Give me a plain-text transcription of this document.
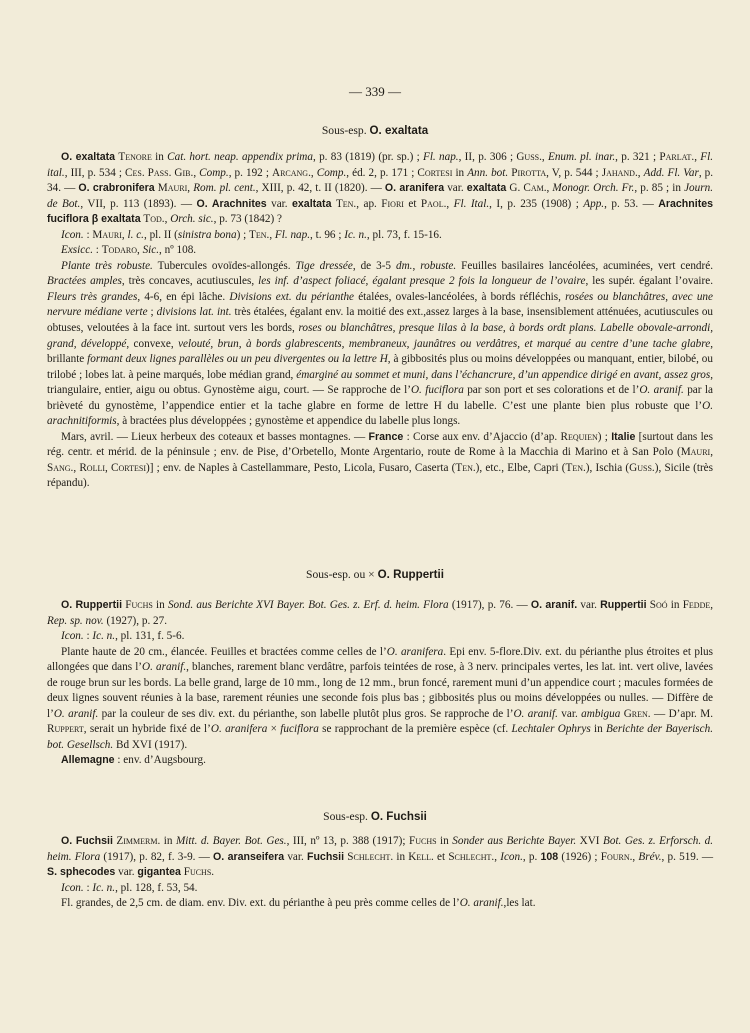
— 339 —
Sous-esp. O. exaltata

O. exaltata Tenore in Cat. hort. neap. appendix prima, p. 83 (1819) (pr. sp.) ; Fl. nap., II, p. 306 ; Guss., Enum. pl. inar., p. 321 ; Parlat., Fl. ital., III, p. 534 ; Ces. Pass. Gib., Comp., p. 192 ; Arcang., Comp., éd. 2, p. 171 ; Cortesi in Ann. bot. Pirotta, V, p. 544 ; Jahand., Add. Fl. Var, p. 34. — O. crabronifera Mauri, Rom. pl. cent., XIII, p. 42, t. II (1820). — O. aranifera var. exaltata G. Cam., Monogr. Orch. Fr., p. 85 ; in Journ. de Bot., VII, p. 113 (1893). — O. Arachnites var. exaltata Ten., ap. Fiori et Paol., Fl. Ital., I, p. 235 (1908) ; App., p. 53. — Arachnites fuciflora β exaltata Tod., Orch. sic., p. 73 (1842) ?

Icon. : Mauri, l. c., pl. II (sinistra bona) ; Ten., Fl. nap., t. 96 ; Ic. n., pl. 73, f. 15-16.

Exsicc. : Todaro, Sic., nº 108.

Plante très robuste. Tubercules ovoïdes-allongés. Tige dressée, de 3-5 dm., robuste. Feuilles basilaires lancéolées, acuminées, vert cendré. Bractées amples, très concaves, acutiuscules, les inf. d’aspect foliacé, égalant presque 2 fois la longueur de l’ovaire, les supér. égalant l’ovaire. Fleurs très grandes, 4-6, en épi lâche. Divisions ext. du périanthe étalées, ovales-lancéolées, à bords réfléchis, rosées ou blanchâtres, avec une nervure médiane verte ; divisions lat. int. très étalées, égalant env. la moitié des ext.,assez larges à la base, insensiblement atténuées, acutiuscules ou obtuses, veloutées à la face int. surtout vers les bords, roses ou blanchâtres, presque lilas à la base, à bords ordt plans. Labelle obovale-arrondi, grand, développé, convexe, velouté, brun, à bords glabrescents, membraneux, jaunâtres ou verdâtres, et marqué au centre d’une tache glabre, brillante formant deux lignes parallèles ou un peu divergentes ou la lettre H, à gibbosités plus ou moins développées ou manquant, entier, bilobé, ou trilobé ; lobes lat. à peine marqués, lobe médian grand, émarginé au sommet et muni, dans l’échancrure, d’un appendice dirigé en avant, assez gros, triangulaire, entier, aigu ou obtus. Gynostème aigu, court. — Se rapproche de l’O. fuciflora par son port et ses colorations et de l’O. aranif. par la brièveté du gynostème, l’appendice entier et la tache glabre en forme de lettre H du labelle. C’est une plante bien plus robuste que l’O. arachnitiformis, à bractées plus développées ; gynostème et appendice du labelle plus longs.

Mars, avril. — Lieux herbeux des coteaux et basses montagnes. — France : Corse aux env. d’Ajaccio (d’ap. Requien) ; Italie [surtout dans les rég. centr. et mérid. de la péninsule ; env. de Pise, d’Orbetello, Monte Argentario, route de Rome à la Macchia di Marino et à San Polo (Mauri, Sang., Rolli, Cortesi)] ; env. de Naples à Castellammare, Pesto, Licola, Fusaro, Caserta (Ten.), etc., Elbe, Capri (Ten.), Ischia (Guss.), Sicile (très répandu).

Sous-esp. ou × O. Ruppertii

O. Ruppertii Fuchs in Sond. aus Berichte XVI Bayer. Bot. Ges. z. Erf. d. heim. Flora (1917), p. 76. — O. aranif. var. Ruppertii Soó in Fedde, Rep. sp. nov. (1927), p. 27.

Icon. : Ic. n., pl. 131, f. 5-6.

Plante haute de 20 cm., élancée. Feuilles et bractées comme celles de l’O. aranifera. Epi env. 5-flore.Div. ext. du périanthe plus étroites et plus allongées que dans l’O. aranif., blanches, rarement blanc verdâtre, parfois teintées de rose, à 3 nerv. principales vertes, les lat. int. vert olive, lavées de rouge brun sur les bords. La belle grand, large de 10 mm., long de 12 mm., brun foncé, rarement muni d’un appendice court ; macules formées de deux lignes souvent réunies à la base, rarement réunies une seconde fois plus bas ; gibbosités plus ou moins développées ou nulles. — Diffère de l’O. aranif. par la couleur de ses div. ext. du périanthe, son labelle plutôt plus gros. Se rapproche de l’O. aranif. var. ambigua Gren. — D’apr. M. Ruppert, serait un hybride fixé de l’O. aranifera × fuciflora se rapprochant de la première espèce (cf. Lechtaler Ophrys in Berichte der Bayerisch. bot. Gesellsch. Bd XVI (1917).

Allemagne : env. d’Augsbourg.

Sous-esp. O. Fuchsii

O. Fuchsii Zimmerm. in Mitt. d. Bayer. Bot. Ges., III, nº 13, p. 388 (1917); Fuchs in Sonder aus Berichte Bayer. XVI Bot. Ges. z. Erforsch. d. heim. Flora (1917), p. 82, f. 3-9. — O. aranseifera var. Fuchsii Schlecht. in Kell. et Schlecht., Icon., p. 108 (1926) ; Fourn., Brév., p. 519. — S. sphecodes var. gigantea Fuchs.

Icon. : Ic. n., pl. 128, f. 53, 54.

Fl. grandes, de 2,5 cm. de diam. env. Div. ext. du périanthe à peu près comme celles de l’O. aranif.,les lat.
